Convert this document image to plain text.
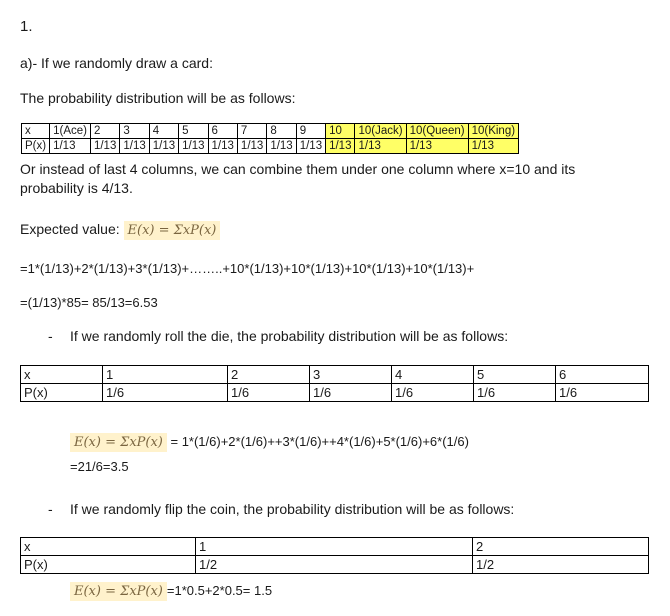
1.
a)- If we randomly draw a card:
The probability distribution will be as follows:
x	1(Ace)	2	3	4	5	6	7	8	9	10	10(Jack)	10(Queen)	10(King)
P(x)	1/13	1/13	1/13	1/13	1/13	1/13	1/13	1/13	1/13	1/13	1/13	1/13	1/13
Or instead of last 4 columns, we can combine them under one column where x=10 and its probability is 4/13.
Expected value: E(x) = ΣxP(x)
=1*(1/13)+2*(1/13)+3*(1/13)+……..+10*(1/13)+10*(1/13)+10*(1/13)+10*(1/13)+
=(1/13)*85= 85/13=6.53
- If we randomly roll the die, the probability distribution will be as follows:
x	1	2	3	4	5	6
P(x)	1/6	1/6	1/6	1/6	1/6	1/6
E(x) = ΣxP(x) = 1*(1/6)+2*(1/6)++3*(1/6)++4*(1/6)+5*(1/6)+6*(1/6)
=21/6=3.5
- If we randomly flip the coin, the probability distribution will be as follows:
x	1	2
P(x)	1/2	1/2
E(x) = ΣxP(x) =1*0.5+2*0.5= 1.5
